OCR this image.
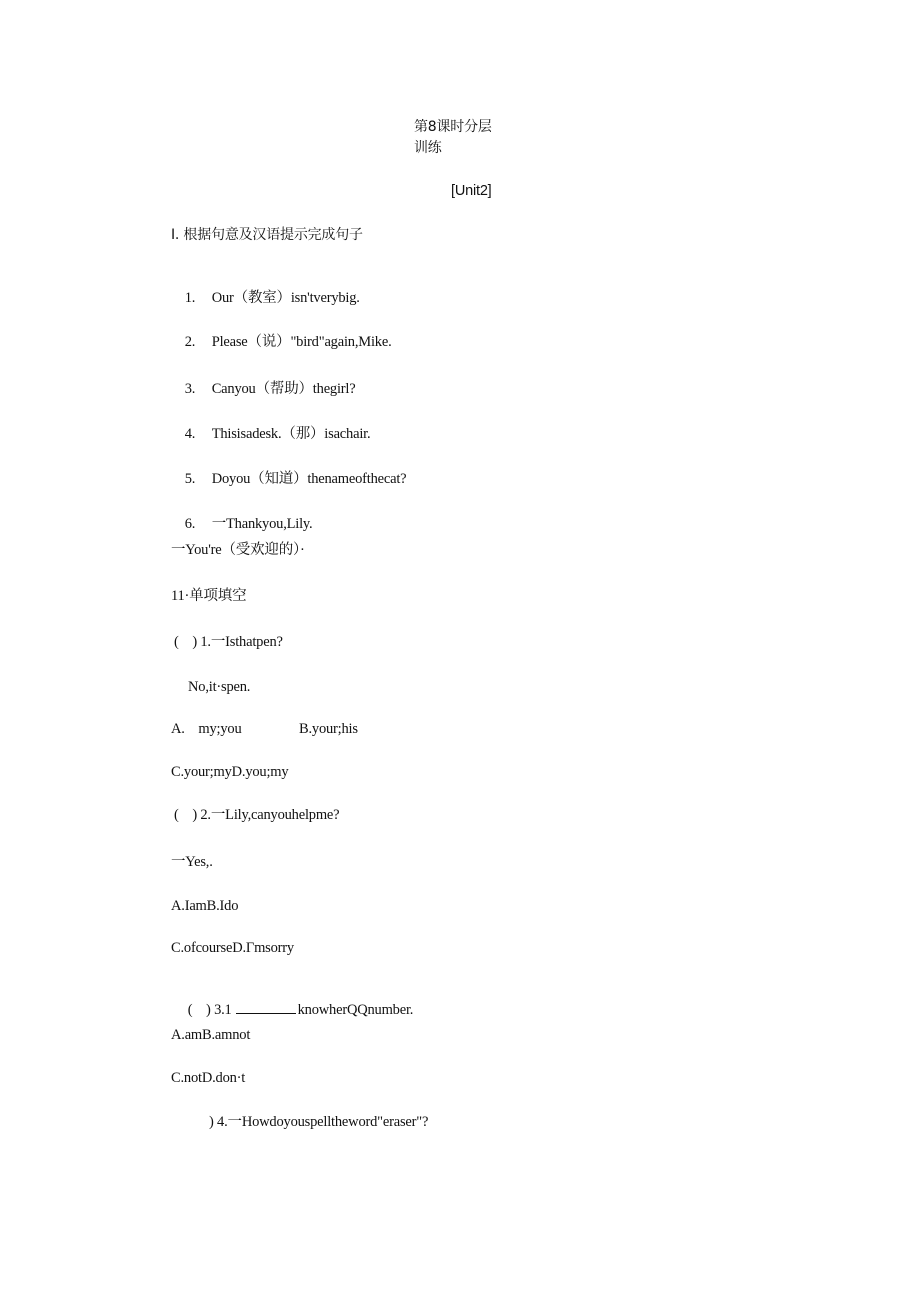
第8课时分层
训练
[Unit2]
Ⅰ. 根据句意及汉语提示完成句子

1. Our（教室）isn'tverybig.

2. Please（说）"bird"again,Mike.

3. Canyou（帮助）thegirl?

4. Thisisadesk.（那）isachair.

5. Doyou（知道）thenameofthecat?

6. 一Thankyou,Lily.

一You're（受欢迎的）·
11·单项填空
(    ) 1.一Isthatpen?
No,it·spen.
A.    my;you	B.your;his
C.your;myD.you;my
(    ) 2.一Lily,canyouhelpme?
一Yes,.
A.IamB.Ido
C.ofcourseD.Γmsorry

(    ) 3.1	knowherQQnumber.

A.amB.amnot
C.notD.don·t
) 4.一Howdoyouspelltheword"eraser"?
